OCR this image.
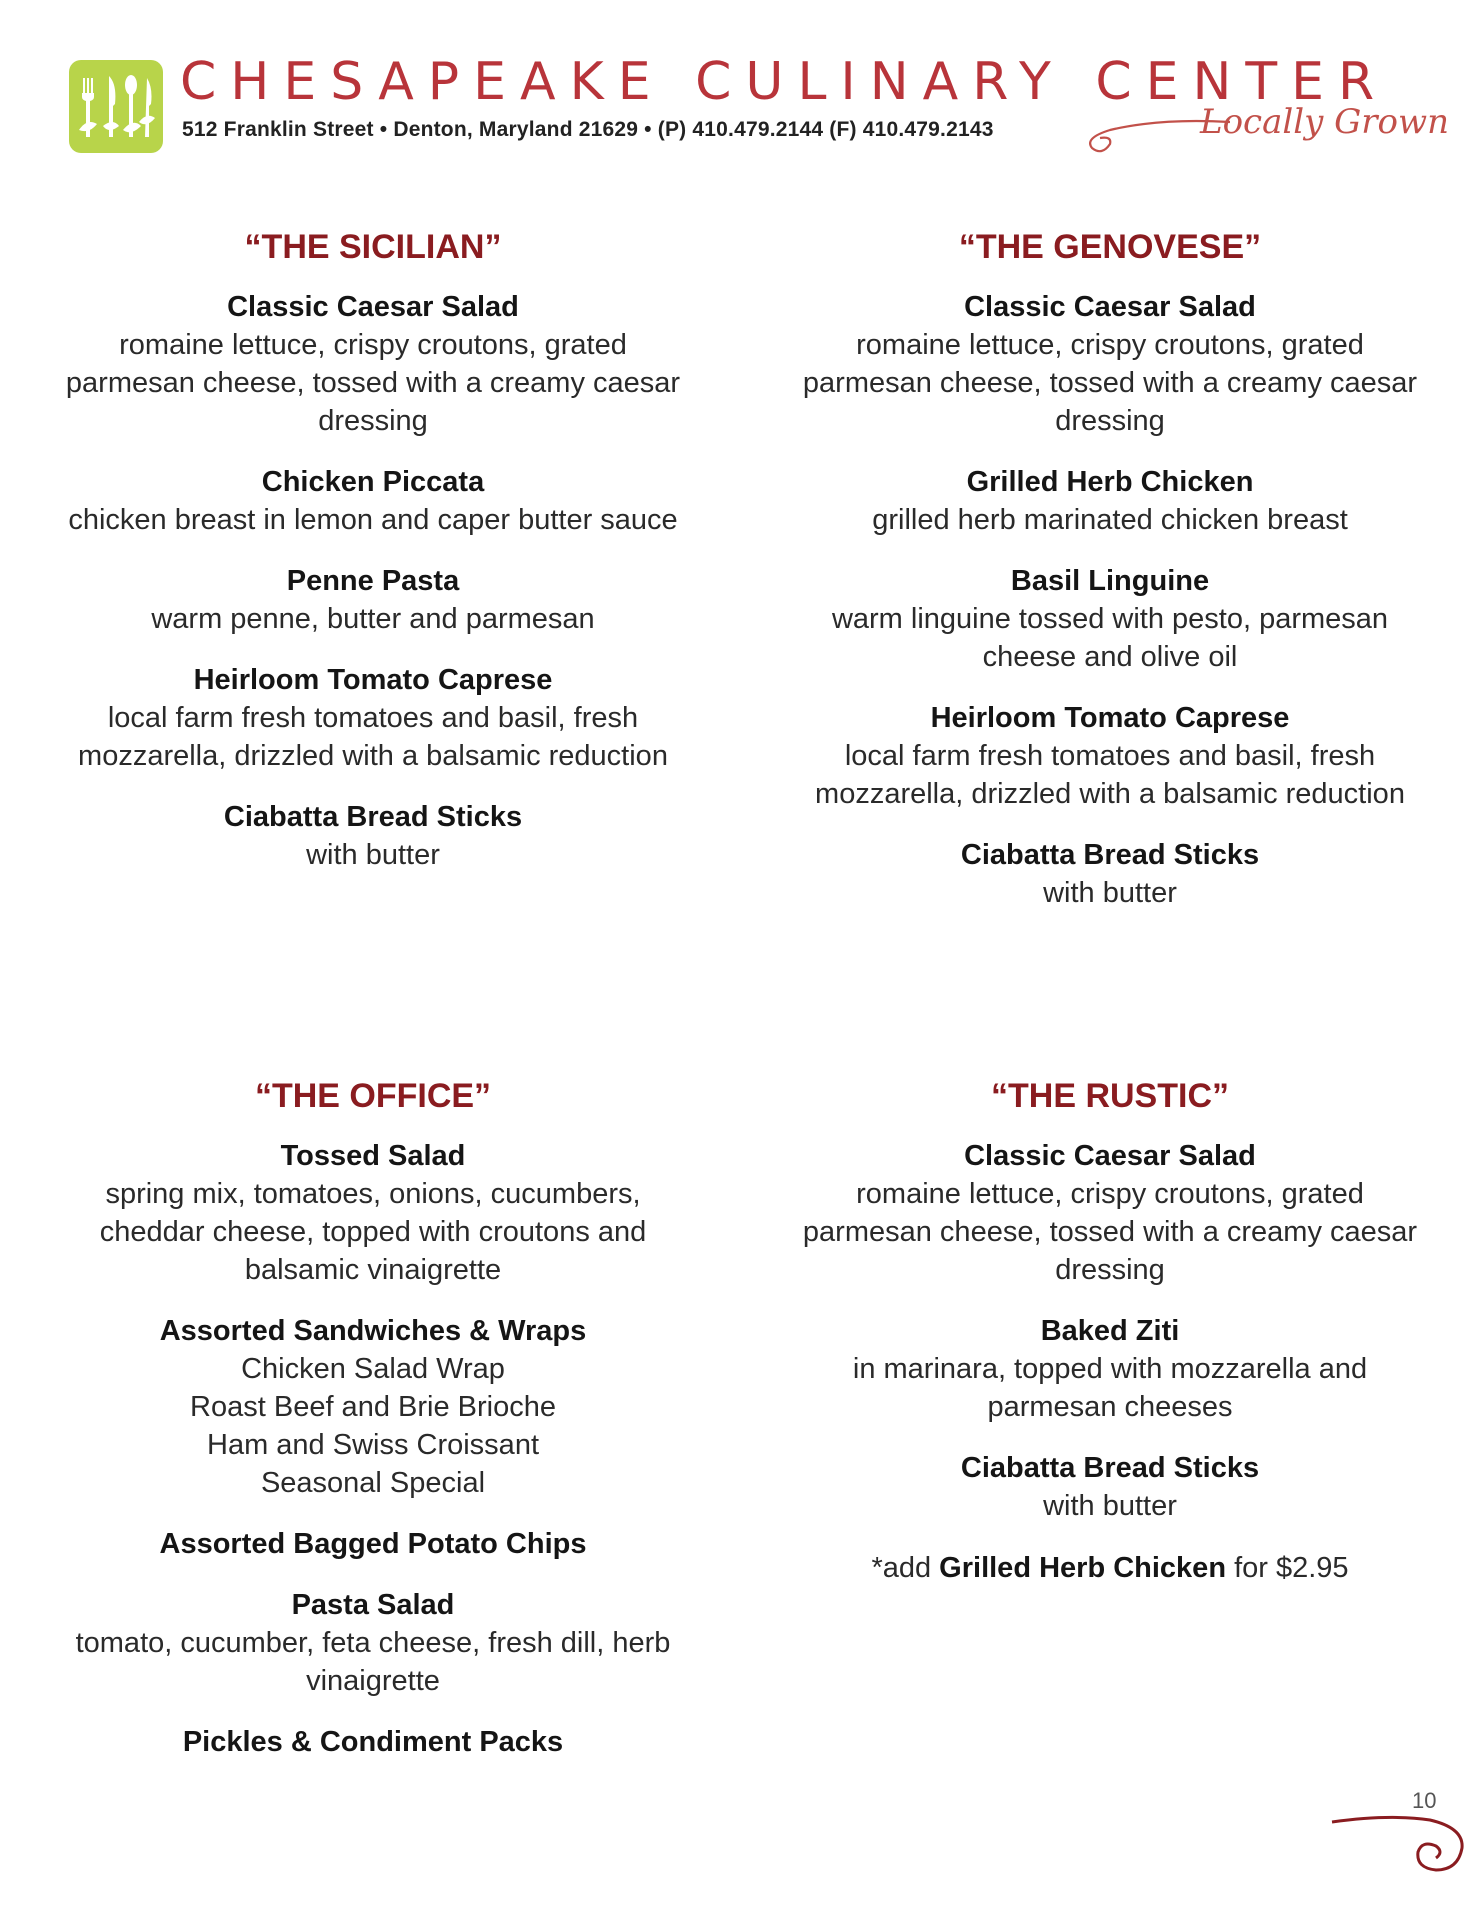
CHESAPEAKE CULINARY CENTER
512 Franklin Street • Denton, Maryland 21629 • (P) 410.479.2144 (F) 410.479.2143	Locally Grown
“THE SICILIAN”
Classic Caesar Salad
romaine lettuce, crispy croutons, grated parmesan cheese, tossed with a creamy caesar dressing
Chicken Piccata
chicken breast in lemon and caper butter sauce
Penne Pasta
warm penne, butter and parmesan
Heirloom Tomato Caprese
local farm fresh tomatoes and basil, fresh mozzarella, drizzled with a balsamic reduction
Ciabatta Bread Sticks
with butter
“THE GENOVESE”
Classic Caesar Salad
romaine lettuce, crispy croutons, grated parmesan cheese, tossed with a creamy caesar dressing
Grilled Herb Chicken
grilled herb marinated chicken breast
Basil Linguine
warm linguine tossed with pesto, parmesan cheese and olive oil
Heirloom Tomato Caprese
local farm fresh tomatoes and basil, fresh mozzarella, drizzled with a balsamic reduction
Ciabatta Bread Sticks
with butter
“THE OFFICE”
Tossed Salad
spring mix, tomatoes, onions, cucumbers, cheddar cheese, topped with croutons and balsamic vinaigrette
Assorted Sandwiches & Wraps
Chicken Salad Wrap
Roast Beef and Brie Brioche
Ham and Swiss Croissant
Seasonal Special
Assorted Bagged Potato Chips
Pasta Salad
tomato, cucumber, feta cheese, fresh dill, herb vinaigrette
Pickles & Condiment Packs
“THE RUSTIC”
Classic Caesar Salad
romaine lettuce, crispy croutons, grated parmesan cheese, tossed with a creamy caesar dressing
Baked Ziti
in marinara, topped with mozzarella and parmesan cheeses
Ciabatta Bread Sticks
with butter
*add Grilled Herb Chicken for $2.95
10
